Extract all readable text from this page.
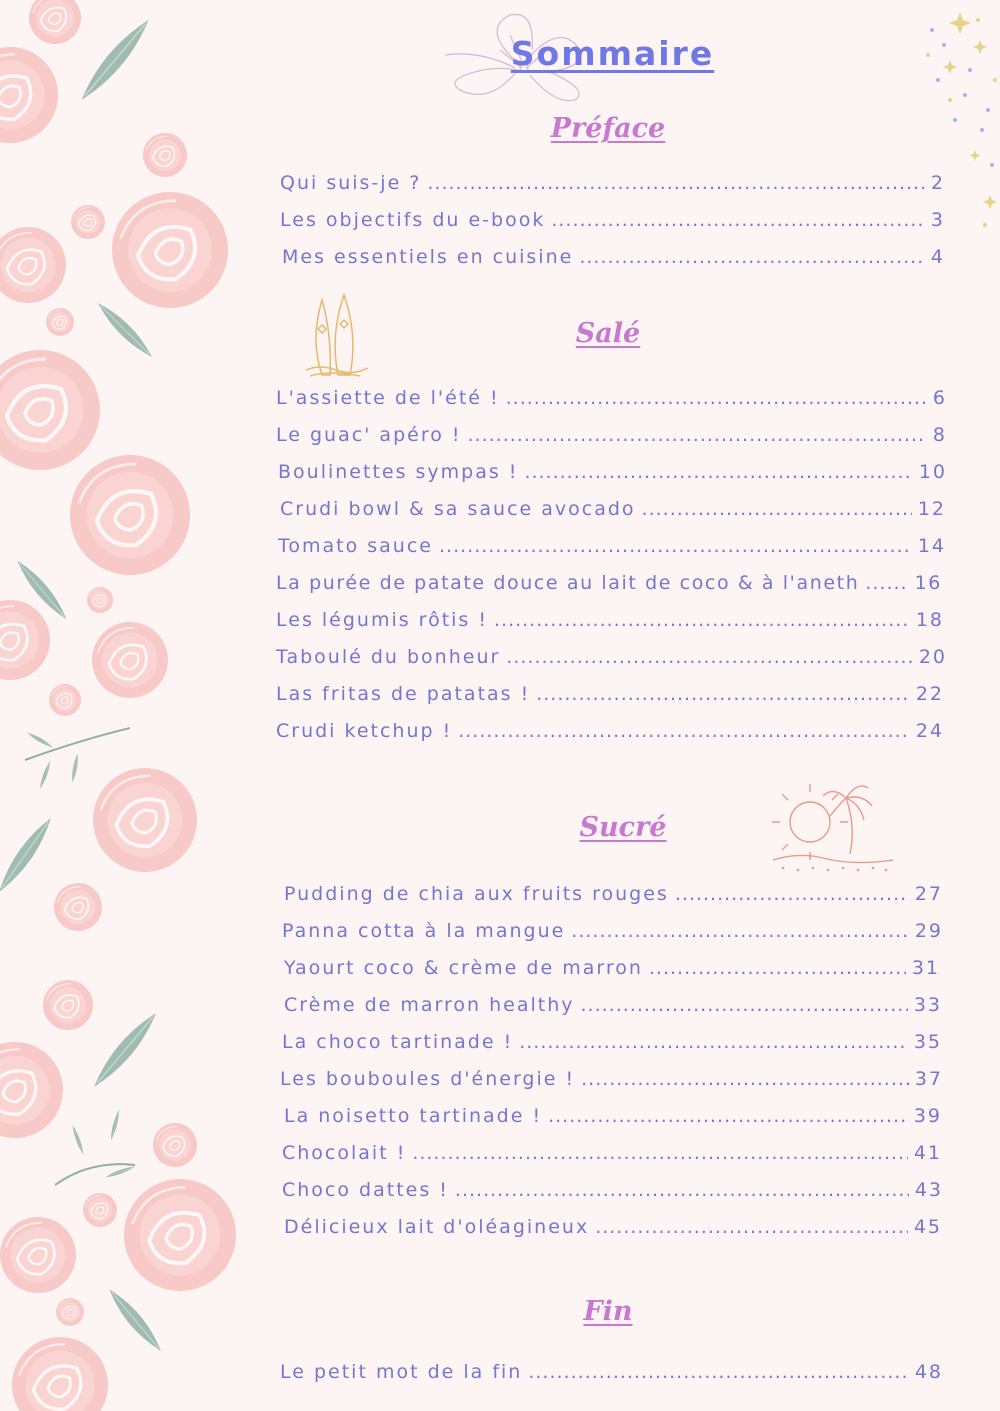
Sommaire
Préface
Qui suis-je ? .....	2
Les objectifs du e-book .....	3
Mes essentiels en cuisine .....	4
Salé
L'assiette de l'été ! .....	6
Le guac' apéro ! .....	8
Boulinettes sympas ! .....	10
Crudi bowl & sa sauce avocado .....	12
Tomato sauce .....	14
La purée de patate douce au lait de coco & à l'aneth .....	16
Les légumis rôtis ! .....	18
Taboulé du bonheur .....	20
Las fritas de patatas ! .....	22
Crudi ketchup ! .....	24
Sucré
Pudding de chia aux fruits rouges .....	27
Panna cotta à la mangue .....	29
Yaourt coco & crème de marron .....	31
Crème de marron healthy .....	33
La choco tartinade ! .....	35
Les bouboules d'énergie ! .....	37
La noisetto tartinade ! .....	39
Chocolait ! .....	41
Choco dattes ! .....	43
Délicieux lait d'oléagineux .....	45
Fin
Le petit mot de la fin .....	48
